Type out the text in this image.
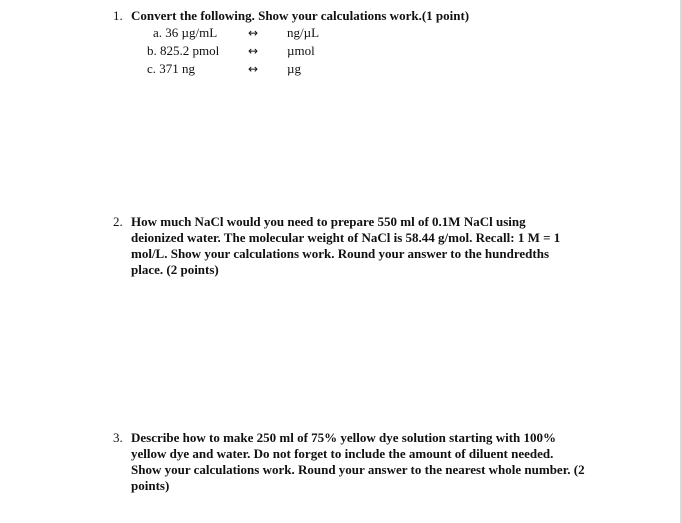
1. Convert the following. Show your calculations work.(1 point)
a. 36 µg/mL	↔ ng/µL
b. 825.2 pmol ↔ µmol
c. 371 ng	↔ µg
2. How much NaCl would you need to prepare 550 ml of 0.1M NaCl using deionized water. The molecular weight of NaCl is 58.44 g/mol. Recall: 1 M = 1 mol/L. Show your calculations work. Round your answer to the hundredths place. (2 points)
3. Describe how to make 250 ml of 75% yellow dye solution starting with 100% yellow dye and water. Do not forget to include the amount of diluent needed. Show your calculations work. Round your answer to the nearest whole number. (2 points)
